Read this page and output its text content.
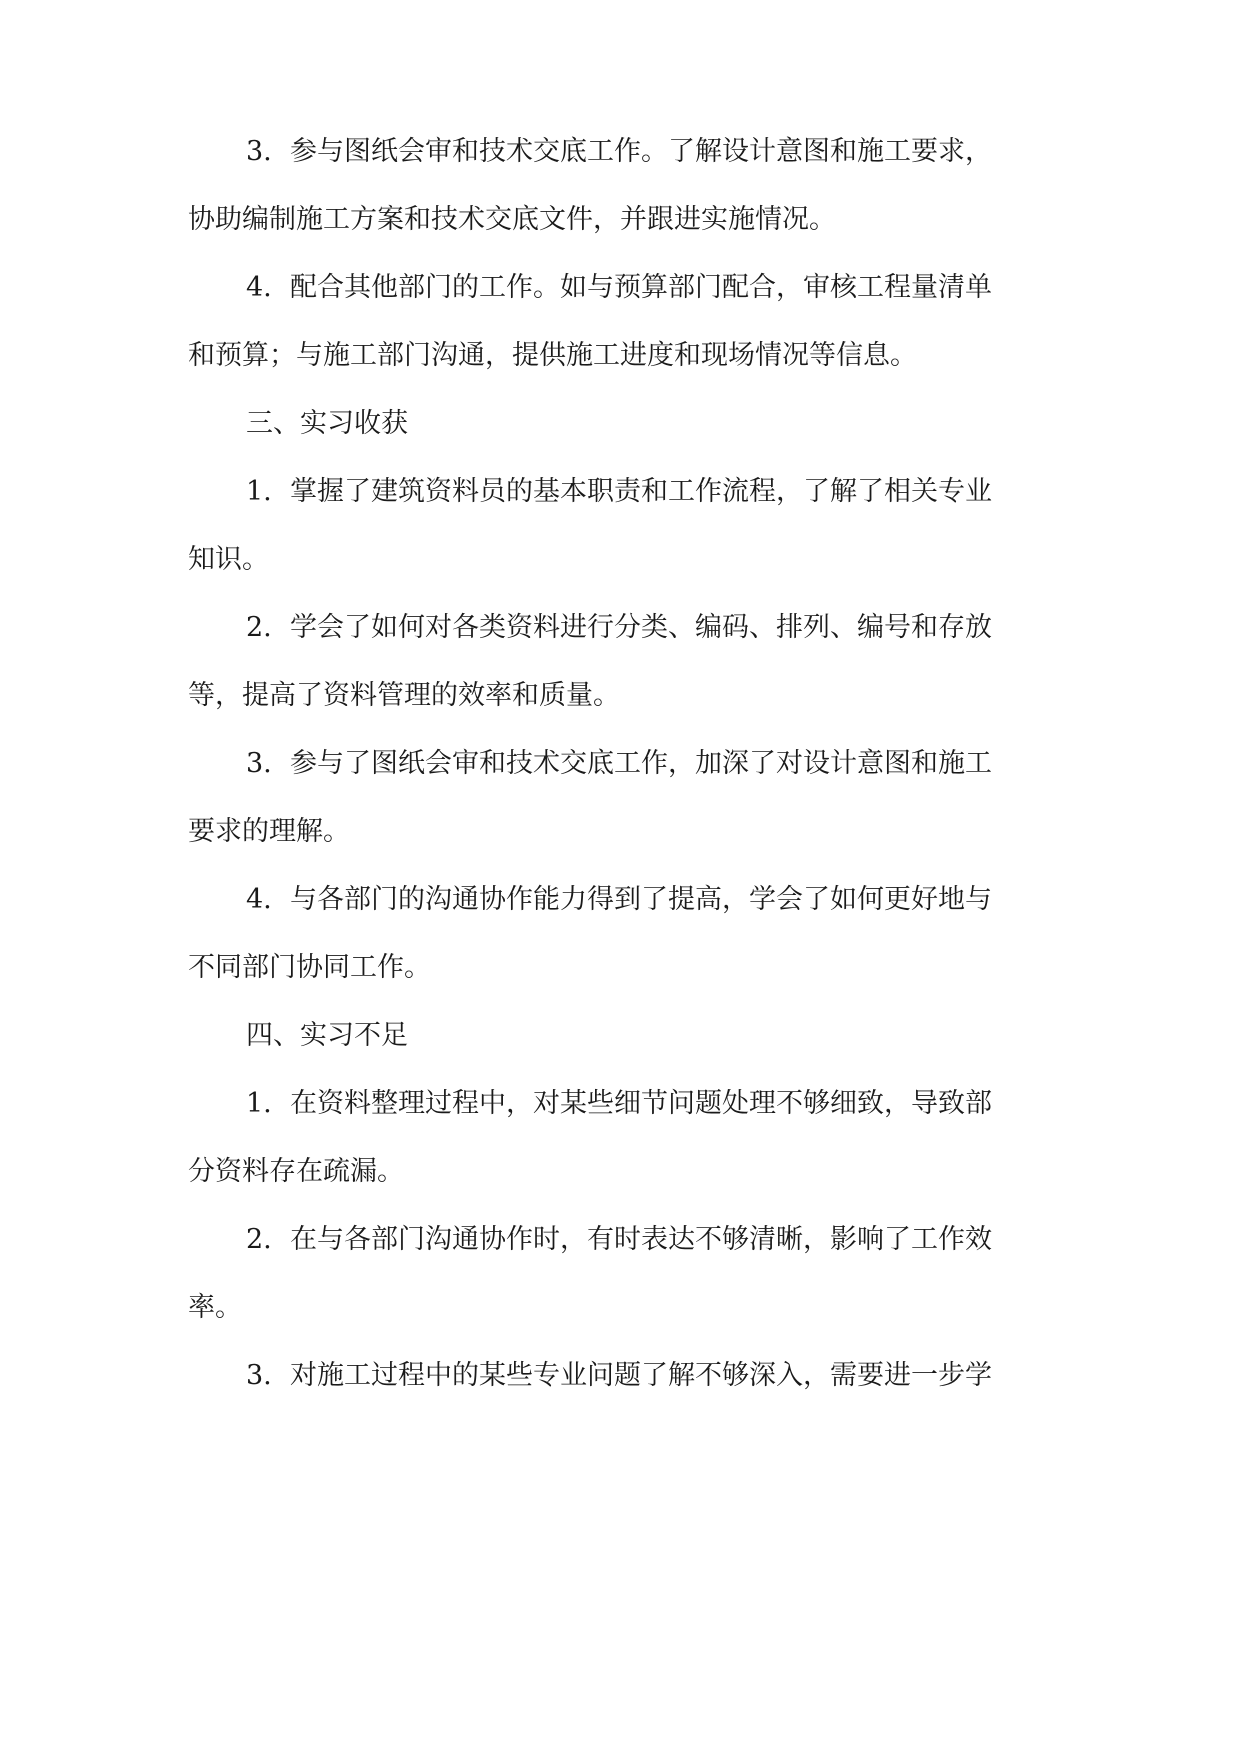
3. 参与图纸会审和技术交底工作。了解设计意图和施工要求，
协助编制施工方案和技术交底文件，并跟进实施情况。
4. 配合其他部门的工作。如与预算部门配合，审核工程量清单
和预算；与施工部门沟通，提供施工进度和现场情况等信息。
三、实习收获
1. 掌握了建筑资料员的基本职责和工作流程，了解了相关专业
知识。
2. 学会了如何对各类资料进行分类、编码、排列、编号和存放
等，提高了资料管理的效率和质量。
3. 参与了图纸会审和技术交底工作，加深了对设计意图和施工
要求的理解。
4. 与各部门的沟通协作能力得到了提高，学会了如何更好地与
不同部门协同工作。
四、实习不足
1. 在资料整理过程中，对某些细节问题处理不够细致，导致部
分资料存在疏漏。
2. 在与各部门沟通协作时，有时表达不够清晰，影响了工作效
率。
3. 对施工过程中的某些专业问题了解不够深入，需要进一步学
